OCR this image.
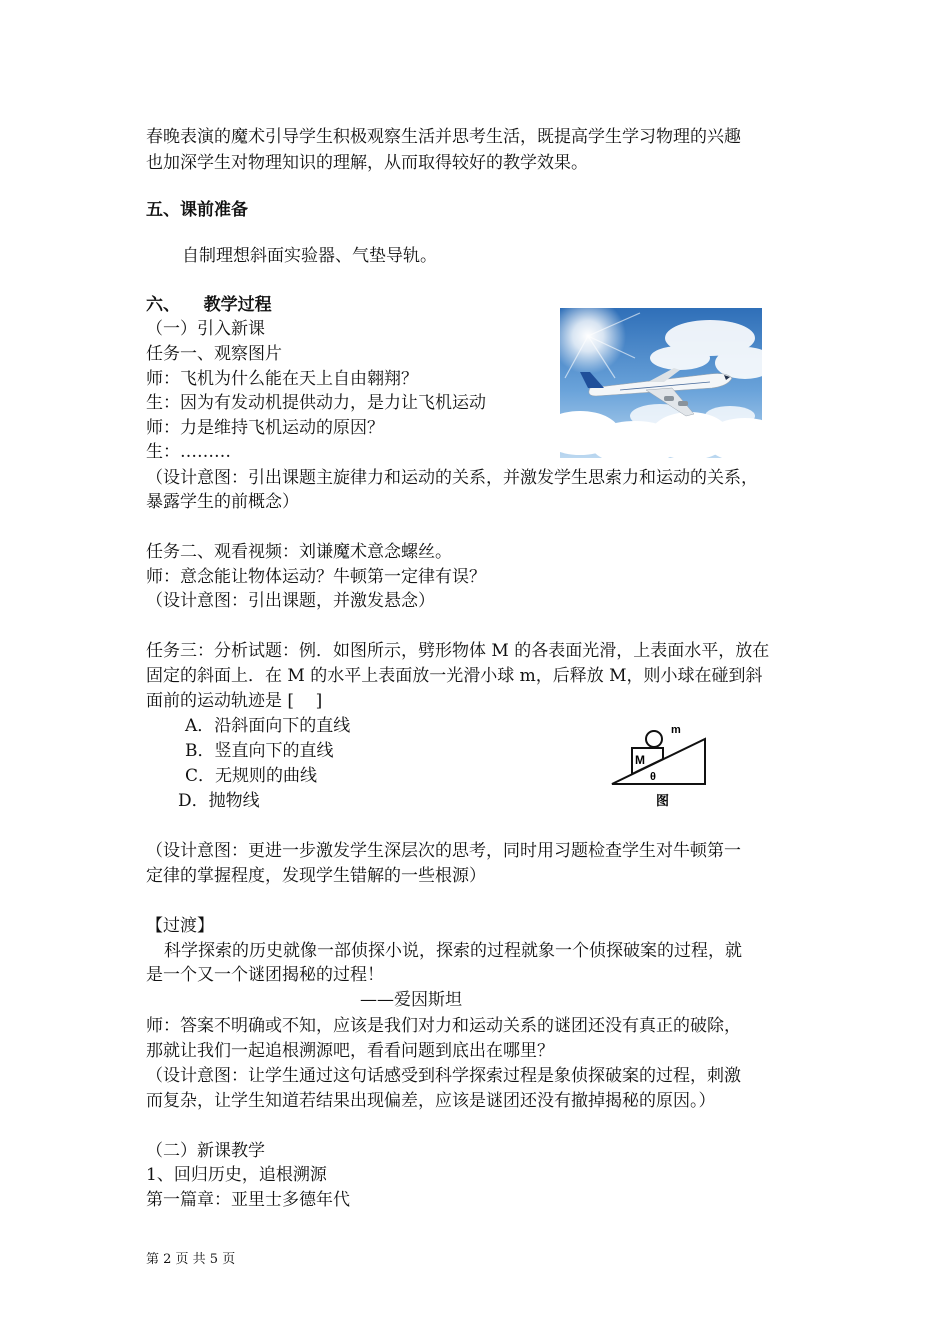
春晚表演的魔术引导学生积极观察生活并思考生活，既提高学生学习物理的兴趣
也加深学生对物理知识的理解，从而取得较好的教学效果。
五、课前准备
自制理想斜面实验器、气垫导轨。
六、    教学过程
（一）引入新课
任务一、观察图片
师：飞机为什么能在天上自由翱翔？
生：因为有发动机提供动力，是力让飞机运动
师：力是维持飞机运动的原因？
生：………
（设计意图：引出课题主旋律力和运动的关系，并激发学生思索力和运动的关系，
暴露学生的前概念）
任务二、观看视频：刘谦魔术意念螺丝。
师：意念能让物体运动？牛顿第一定律有误？
（设计意图：引出课题，并激发悬念）
任务三：分析试题：例．如图所示，劈形物体 M 的各表面光滑，上表面水平，放在
固定的斜面上．在 M 的水平上表面放一光滑小球 m，后释放 M，则小球在碰到斜
面前的运动轨迹是 [    ]
A．沿斜面向下的直线
B．竖直向下的直线
C．无规则的曲线
D．抛物线
m
M
θ
图
（设计意图：更进一步激发学生深层次的思考，同时用习题检查学生对牛顿第一
定律的掌握程度，发现学生错解的一些根源）
【过渡】
科学探索的历史就像一部侦探小说，探索的过程就象一个侦探破案的过程，就
是一个又一个谜团揭秘的过程！
——爱因斯坦
师：答案不明确或不知，应该是我们对力和运动关系的谜团还没有真正的破除，
那就让我们一起追根溯源吧，看看问题到底出在哪里？
（设计意图：让学生通过这句话感受到科学探索过程是象侦探破案的过程，刺激
而复杂，让学生知道若结果出现偏差，应该是谜团还没有撤掉揭秘的原因。）
（二）新课教学
1、回归历史，追根溯源
第一篇章：亚里士多德年代
第 2 页 共 5 页
